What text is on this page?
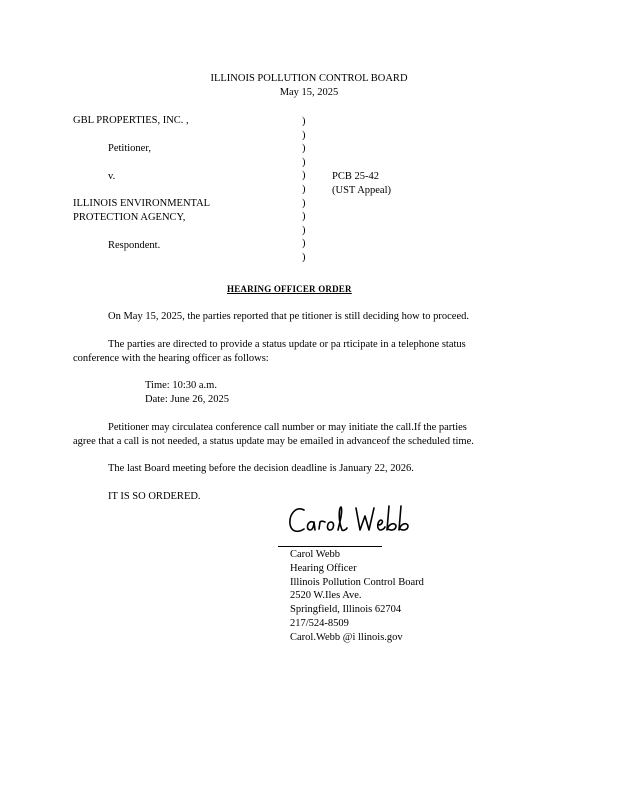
ILLINOIS POLLUTION CONTROL BOARD
May 15, 2025
GBL PROPERTIES, INC. ,
Petitioner,
v.
ILLINOIS ENVIRONMENTAL
PROTECTION AGENCY,
Respondent.
)
)
)
)
)
)
)
)
)
)
)
PCB 25-42
(UST Appeal)
HEARING OFFICER ORDER
On May 15, 2025, the parties reported that pe titioner is still deciding how to proceed.
The parties are directed to provide a status update or pa rticipate in a telephone status
conference with the hearing officer as follows:
Time: 10:30 a.m.
Date: June 26, 2025
Petitioner may circulatea conference call number or may initiate the call.If the parties
agree that a call is not needed, a status update may be emailed in advanceof the scheduled time.
The last Board meeting before the decision deadline is January 22, 2026.
IT IS SO ORDERED.
Carol Webb
Hearing Officer
Illinois Pollution Control Board
2520 W.Iles Ave.
Springfield, Illinois 62704
217/524-8509
Carol.Webb @i llinois.gov
